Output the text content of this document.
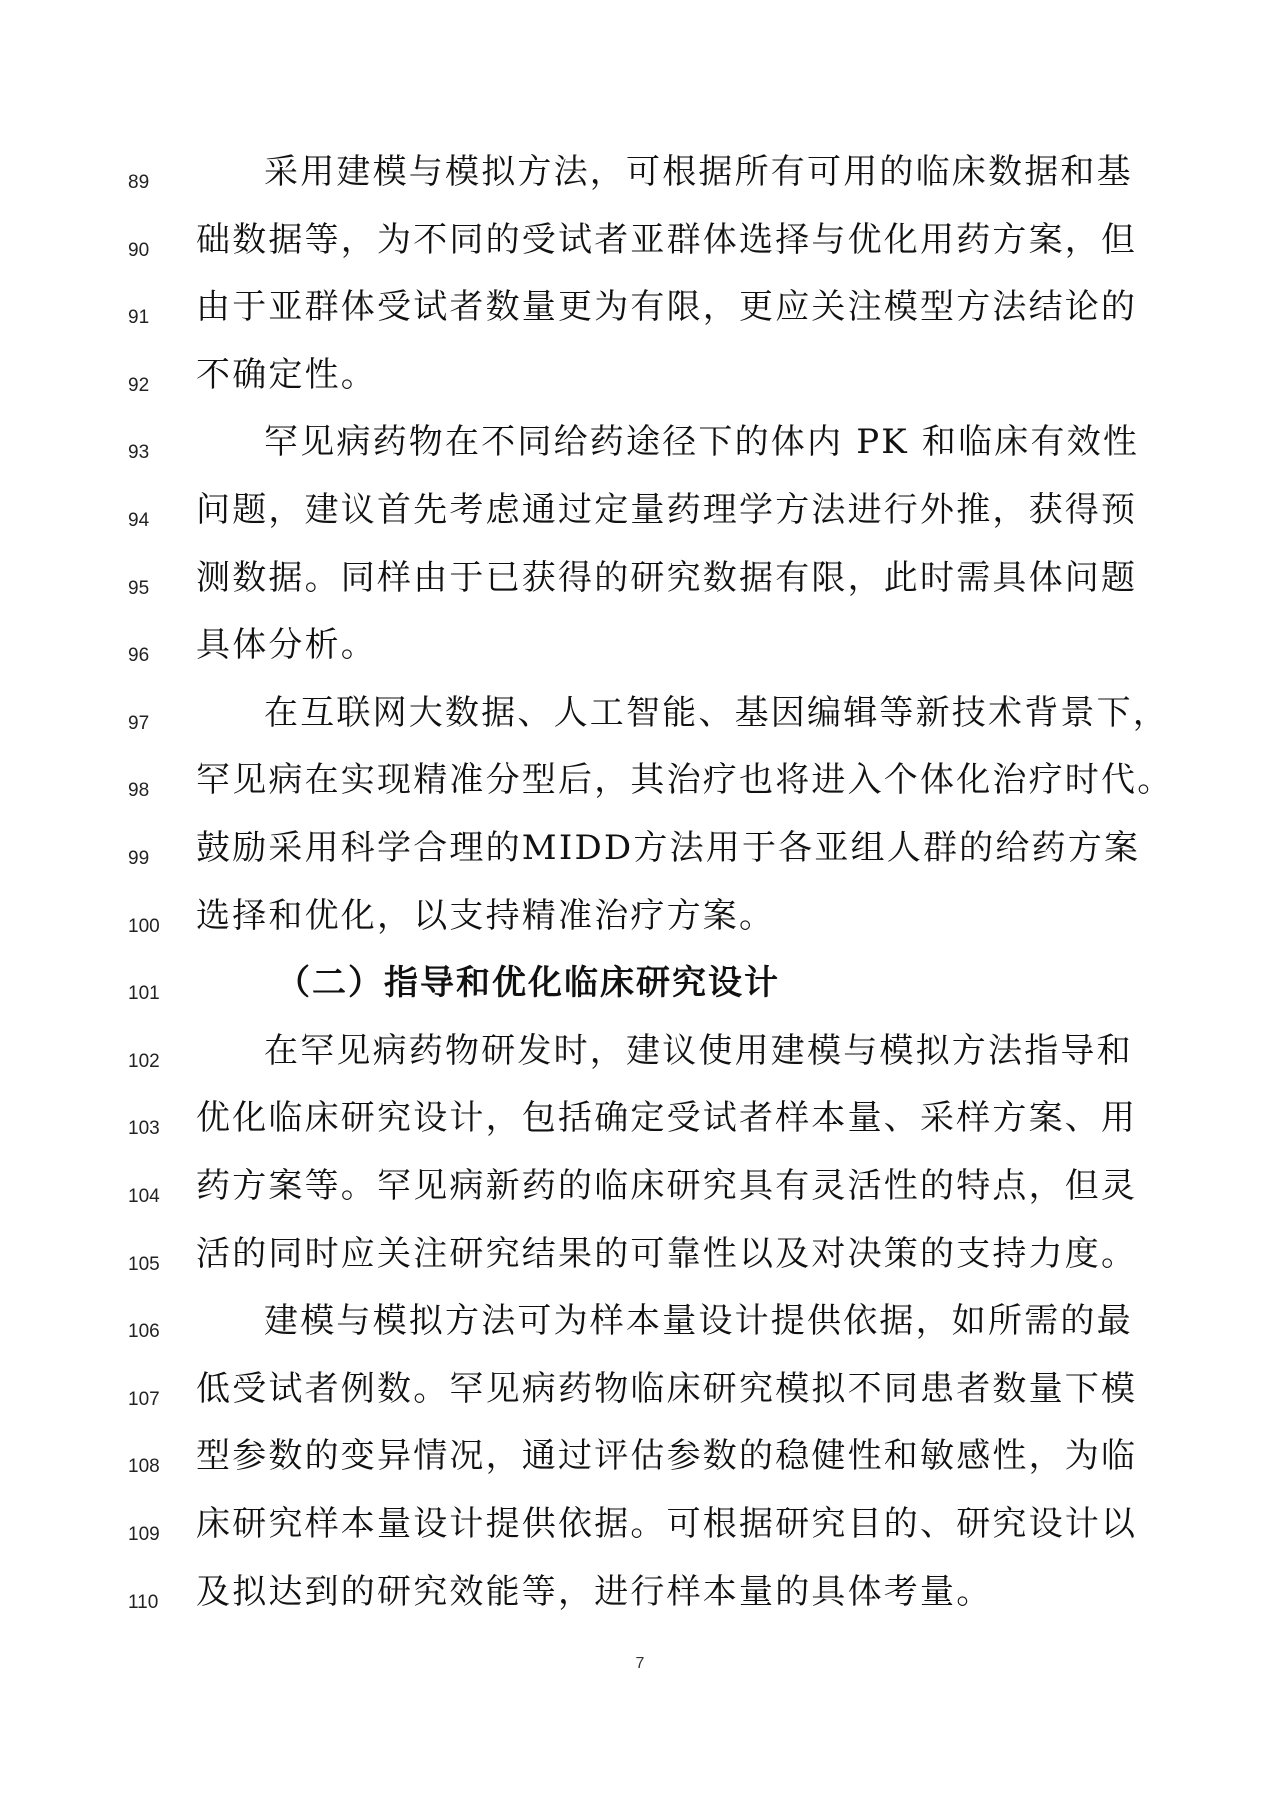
89	采用建模与模拟方法，可根据所有可用的临床数据和基
90	础数据等，为不同的受试者亚群体选择与优化用药方案，但
91	由于亚群体受试者数量更为有限，更应关注模型方法结论的
92	不确定性。
93	罕见病药物在不同给药途径下的体内 PK 和临床有效性
94	问题，建议首先考虑通过定量药理学方法进行外推，获得预
95	测数据。同样由于已获得的研究数据有限，此时需具体问题
96	具体分析。
97	在互联网大数据、人工智能、基因编辑等新技术背景下，
98	罕见病在实现精准分型后，其治疗也将进入个体化治疗时代。
99	鼓励采用科学合理的MIDD方法用于各亚组人群的给药方案
100	选择和优化，以支持精准治疗方案。
101	（二）指导和优化临床研究设计
102	在罕见病药物研发时，建议使用建模与模拟方法指导和
103	优化临床研究设计，包括确定受试者样本量、采样方案、用
104	药方案等。罕见病新药的临床研究具有灵活性的特点，但灵
105	活的同时应关注研究结果的可靠性以及对决策的支持力度。
106	建模与模拟方法可为样本量设计提供依据，如所需的最
107	低受试者例数。罕见病药物临床研究模拟不同患者数量下模
108	型参数的变异情况，通过评估参数的稳健性和敏感性，为临
109	床研究样本量设计提供依据。可根据研究目的、研究设计以
110	及拟达到的研究效能等，进行样本量的具体考量。
7
